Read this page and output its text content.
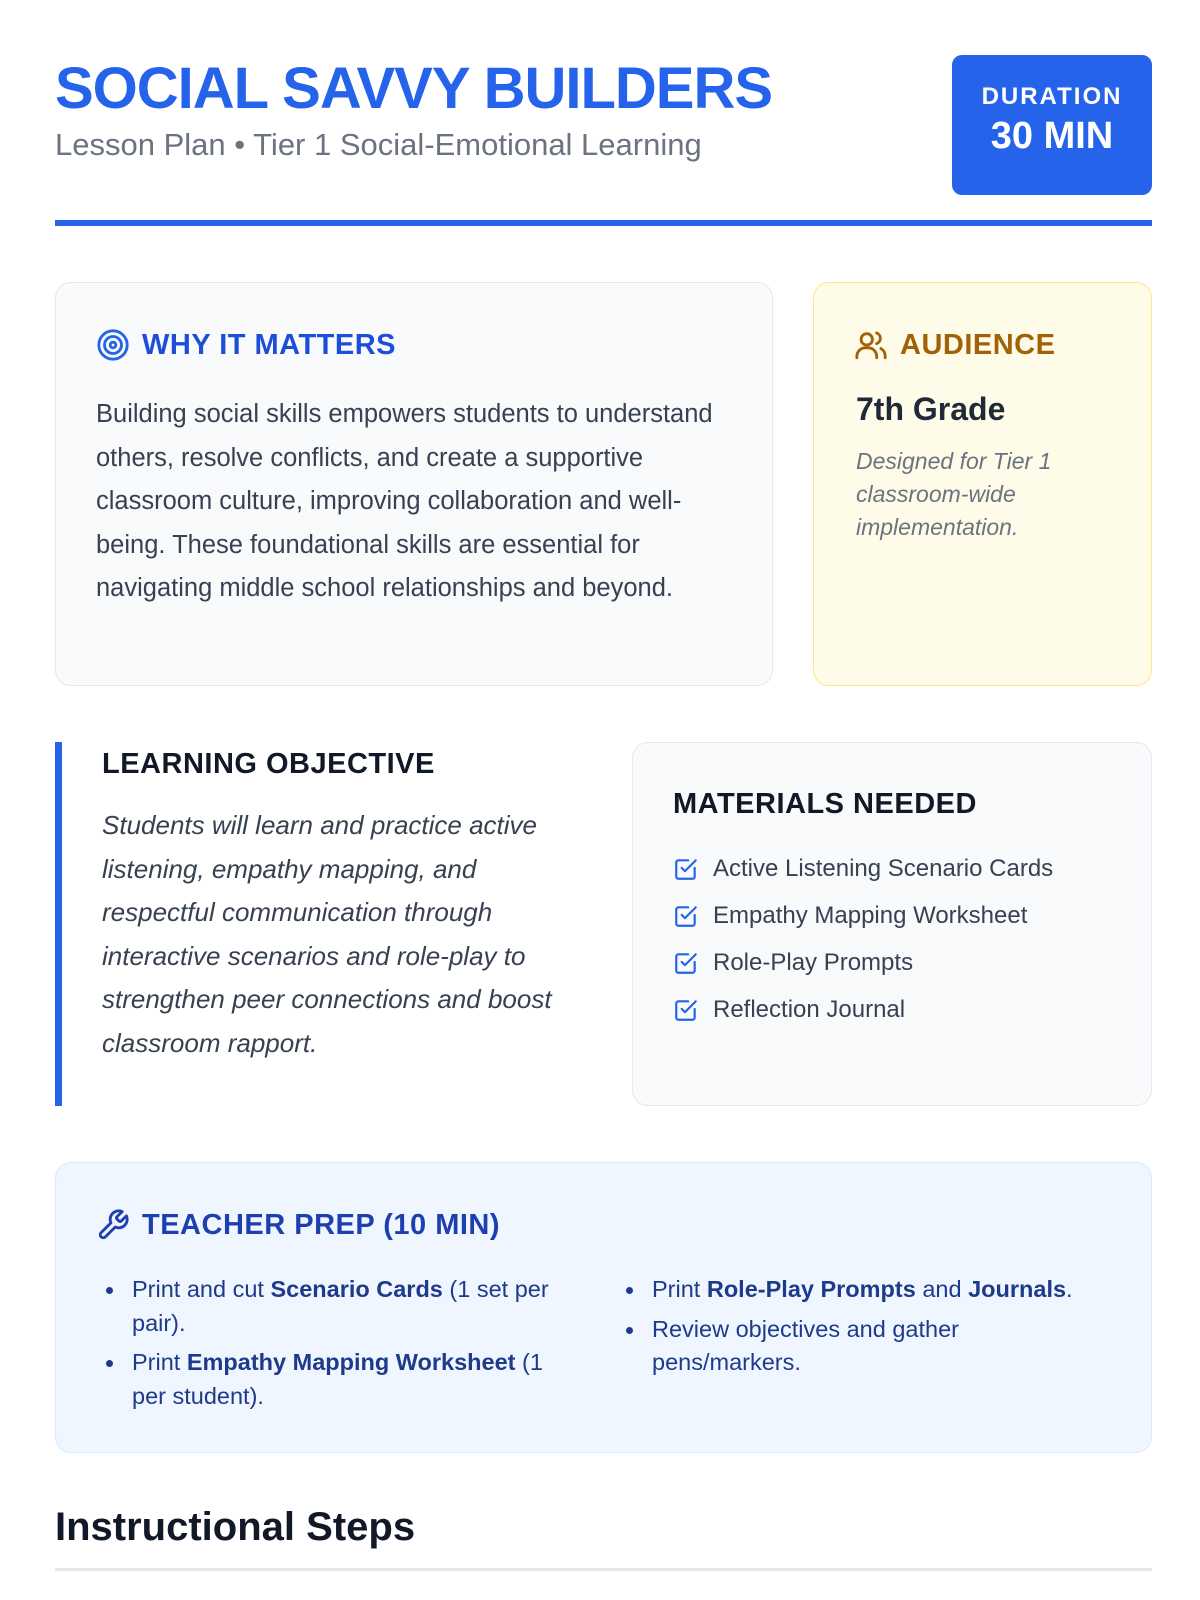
SOCIAL SAVVY BUILDERS
Lesson Plan • Tier 1 Social-Emotional Learning
DURATION
30 MIN
WHY IT MATTERS

Building social skills empowers students to understand others, resolve conflicts, and create a supportive classroom culture, improving collaboration and well-being. These foundational skills are essential for navigating middle school relationships and beyond.

AUDIENCE
7th Grade
Designed for Tier 1 classroom-wide implementation.
LEARNING OBJECTIVE

Students will learn and practice active listening, empathy mapping, and respectful communication through interactive scenarios and role-play to strengthen peer connections and boost classroom rapport.

MATERIALS NEEDED
Active Listening Scenario Cards
Empathy Mapping Worksheet
Role-Play Prompts
Reflection Journal
TEACHER PREP (10 MIN)
Print and cut Scenario Cards (1 set per pair).
Print Empathy Mapping Worksheet (1 per student).
Print Role-Play Prompts and Journals.
Review objectives and gather pens/markers.
Instructional Steps
